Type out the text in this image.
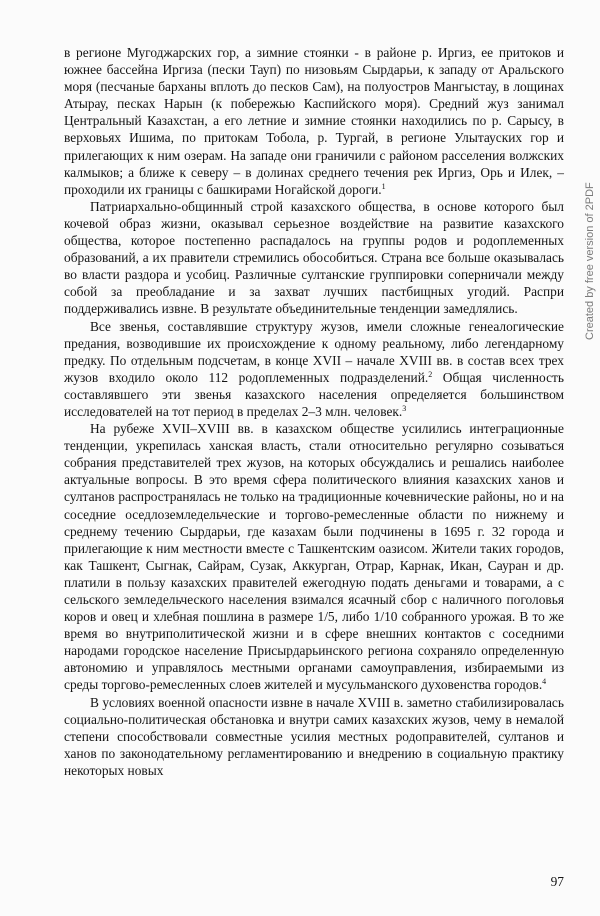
в регионе Мугоджарских гор, а зимние стоянки - в районе р. Иргиз, ее притоков и южнее бассейна Иргиза (пески Тауп) по низовьям Сырдарьи, к западу от Аральского моря (песчаные барханы вплоть до песков Сам), на полуостров Мангыстау, в лощинах Атырау, песках Нарын (к побережью Каспийского моря). Средний жуз занимал Центральный Казахстан, а его летние и зимние стоянки находились по р. Сарысу, в верховьях Ишима, по притокам Тобола, р. Тургай, в регионе Улытауских гор и прилегающих к ним озерам. На западе они граничили с районом расселения волжских калмыков; а ближе к северу – в долинах среднего течения рек Иргиз, Орь и Илек, – проходили их границы с башкирами Ногайской дороги.$^1$

Патриархально-общинный строй казахского общества, в основе которого был кочевой образ жизни, оказывал серьезное воздействие на развитие казахского общества, которое постепенно распадалось на группы родов и родоплеменных образований, а их правители стремились обособиться. Страна все больше оказывалась во власти раздора и усобиц. Различные султанские группировки соперничали между собой за преобладание и за захват лучших пастбищных угодий. Распри поддерживались извне. В результате объединительные тенденции замедлялись.

Все звенья, составлявшие структуру жузов, имели сложные генеалогические предания, возводившие их происхождение к одному реальному, либо легендарному предку. По отдельным подсчетам, в конце XVII – начале XVIII вв. в состав всех трех жузов входило около 112 родоплеменных подразделений.$^2$ Общая численность составлявшего эти звенья казахского населения определяется большинством исследователей на тот период в пределах 2–3 млн. человек.$^3$

На рубеже XVII–XVIII вв. в казахском обществе усилились интеграционные тенденции, укрепилась ханская власть, стали относительно регулярно созываться собрания представителей трех жузов, на которых обсуждались и решались наиболее актуальные вопросы. В это время сфера политического влияния казахских ханов и султанов распространялась не только на традиционные кочевнические районы, но и на соседние оседлоземледельческие и торгово-ремесленные области по нижнему и среднему течению Сырдарьи, где казахам были подчинены в 1695 г. 32 города и прилегающие к ним местности вместе с Ташкентским оазисом. Жители таких городов, как Ташкент, Сыгнак, Сайрам, Сузак, Аккурган, Отрар, Карнак, Икан, Сауран и др. платили в пользу казахских правителей ежегодную подать деньгами и товарами, а с сельского земледельческого населения взимался ясачный сбор с наличного поголовья коров и овец и хлебная пошлина в размере 1/5, либо 1/10 собранного урожая. В то же время во внутриполитической жизни и в сфере внешних контактов с соседними народами городское население Присырдарьинского региона сохраняло определенную автономию и управлялось местными органами самоуправления, избираемыми из среды торгово-ремесленных слоев жителей и мусульманского духовенства городов.$^4$

В условиях военной опасности извне в начале XVIII в. заметно стабилизировалась социально-политическая обстановка и внутри самих казахских жузов, чему в немалой степени способствовали совместные усилия местных родоправителей, султанов и ханов по законодательному регламентированию и внедрению в социальную практику некоторых новых

Created by free version of 2PDF
97
